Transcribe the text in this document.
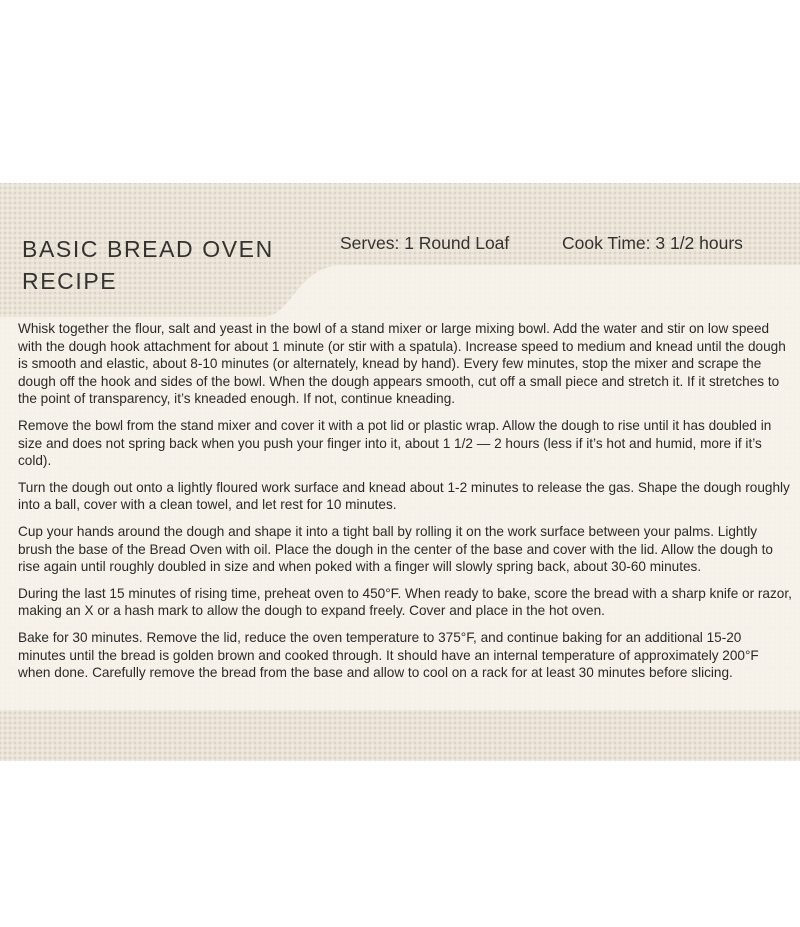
BASIC BREAD OVEN RECIPE
Serves: 1 Round Loaf	Cook Time: 3 1/2 hours

Whisk together the flour, salt and yeast in the bowl of a stand mixer or large mixing bowl. Add the water and stir on low speed with the dough hook attachment for about 1 minute (or stir with a spatula). Increase speed to medium and knead until the dough is smooth and elastic, about 8-10 minutes (or alternately, knead by hand). Every few minutes, stop the mixer and scrape the dough off the hook and sides of the bowl. When the dough appears smooth, cut off a small piece and stretch it. If it stretches to the point of transparency, it’s kneaded enough. If not, continue kneading.

Remove the bowl from the stand mixer and cover it with a pot lid or plastic wrap. Allow the dough to rise until it has doubled in size and does not spring back when you push your finger into it, about 1 1/2 — 2 hours (less if it’s hot and humid, more if it’s cold).

Turn the dough out onto a lightly floured work surface and knead about 1-2 minutes to release the gas. Shape the dough roughly into a ball, cover with a clean towel, and let rest for 10 minutes.

Cup your hands around the dough and shape it into a tight ball by rolling it on the work surface between your palms. Lightly brush the base of the Bread Oven with oil. Place the dough in the center of the base and cover with the lid. Allow the dough to rise again until roughly doubled in size and when poked with a finger will slowly spring back, about 30-60 minutes.

During the last 15 minutes of rising time, preheat oven to 450°F. When ready to bake, score the bread with a sharp knife or razor, making an X or a hash mark to allow the dough to expand freely. Cover and place in the hot oven.

Bake for 30 minutes. Remove the lid, reduce the oven temperature to 375°F, and continue baking for an additional 15-20 minutes until the bread is golden brown and cooked through. It should have an internal temperature of approximately 200°F when done. Carefully remove the bread from the base and allow to cool on a rack for at least 30 minutes before slicing.
